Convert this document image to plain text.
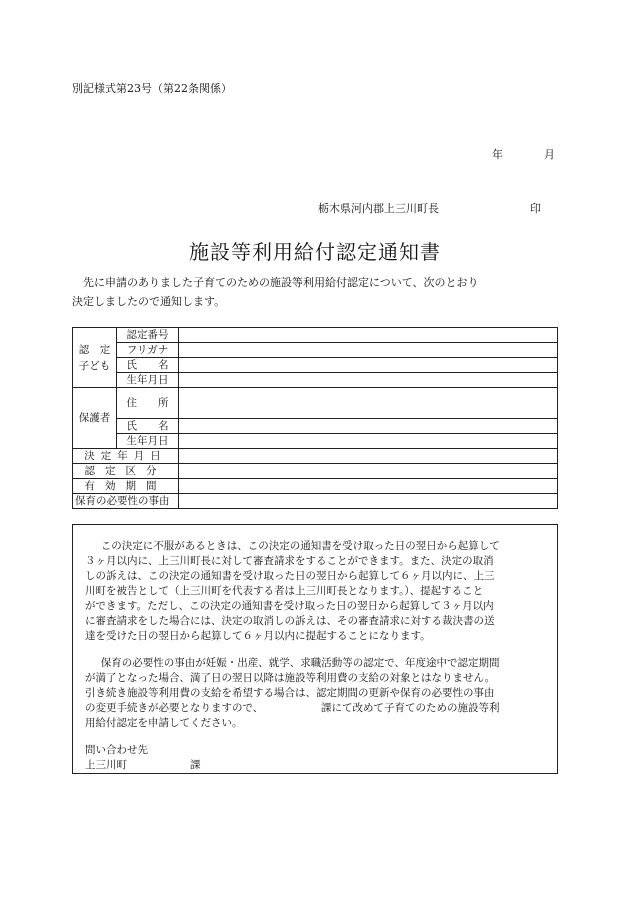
別記様式第23号（第22条関係）
年	月
栃木県河内郡上三川町長	印
施設等利用給付認定通知書
先に申請のありました子育てのための施設等利用給付認定について、次のとおり
決定しましたので通知します。
認　定
子ども	認定番号	
	フリガナ	
	氏　　名	
	生年月日	
保護者	住　　所	
	氏　　名	
	生年月日	
決定年月日		
認定区分		
有効期間		
保育の必要性の事由		

この決定に不服があるときは、この決定の通知書を受け取った日の翌日から起算して

３ヶ月以内に、上三川町長に対して審査請求をすることができます。また、決定の取消

しの訴えは、この決定の通知書を受け取った日の翌日から起算して６ヶ月以内に、上三

川町を被告として（上三川町を代表する者は上三川町長となります。）、提起すること

ができます。ただし、この決定の通知書を受け取った日の翌日から起算して３ヶ月以内

に審査請求をした場合には、決定の取消しの訴えは、その審査請求に対する裁決書の送

達を受けた日の翌日から起算して６ヶ月以内に提起することになります。

保育の必要性の事由が妊娠・出産、就学、求職活動等の認定で、年度途中で認定期間

が満了となった場合、満了日の翌日以降は施設等利用費の支給の対象とはなりません。

引き続き施設等利用費の支給を希望する場合は、認定期間の更新や保育の必要性の事由

の変更手続きが必要となりますので、　　　　　　課にて改めて子育てのための施設等利

用給付認定を申請してください。

問い合わせ先
上三川町　　　　　　課
